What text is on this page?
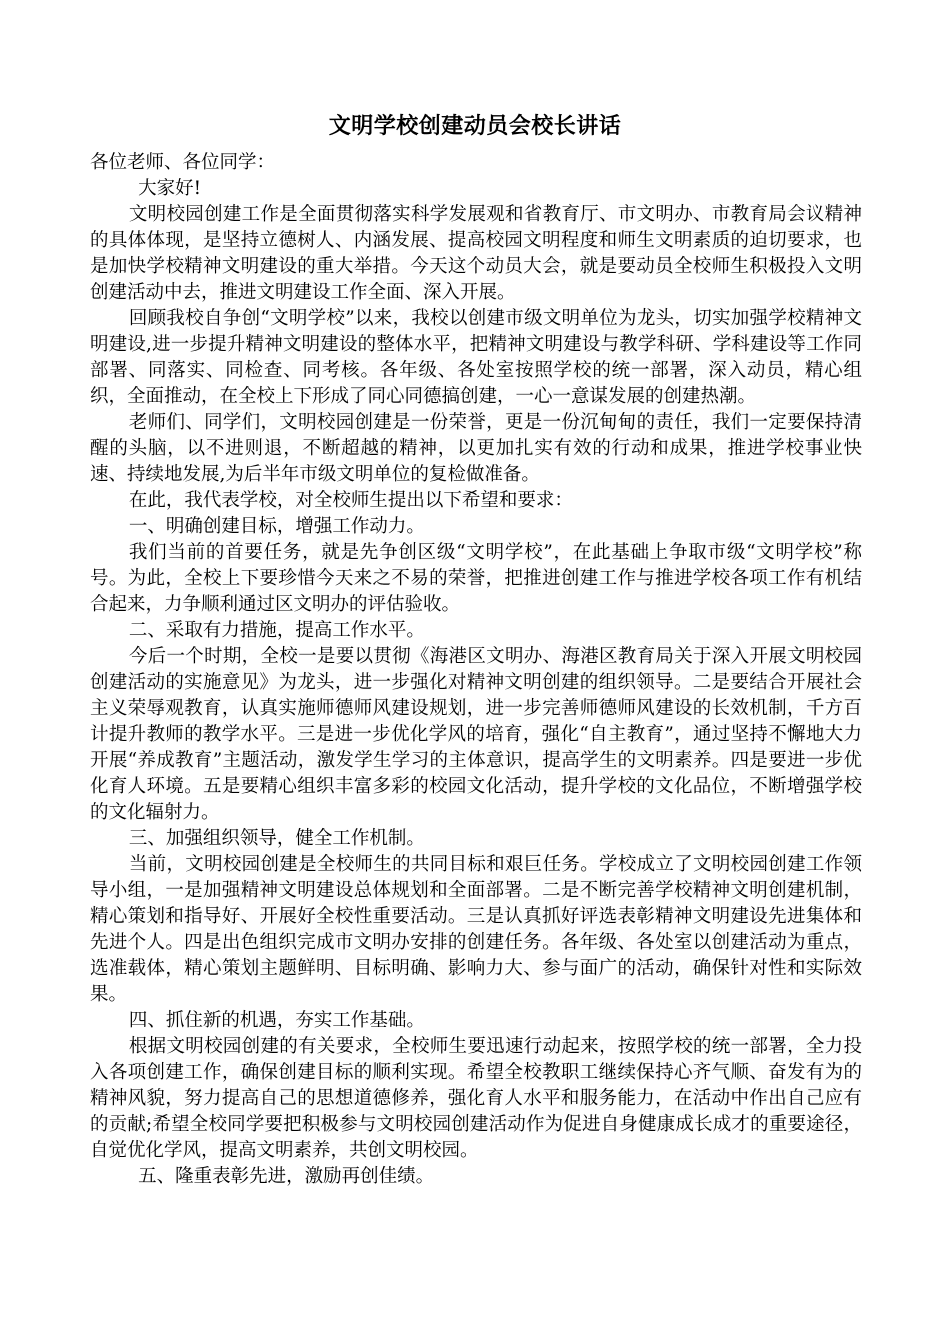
文明学校创建动员会校长讲话

各位老师、各位同学：

大家好!

文明校园创建工作是全面贯彻落实科学发展观和省教育厅、市文明办、市教育局会议精神的具体体现，是坚持立德树人、内涵发展、提高校园文明程度和师生文明素质的迫切要求，也是加快学校精神文明建设的重大举措。今天这个动员大会，就是要动员全校师生积极投入文明创建活动中去，推进文明建设工作全面、深入开展。

回顾我校自争创“文明学校”以来，我校以创建市级文明单位为龙头，切实加强学校精神文明建设,进一步提升精神文明建设的整体水平，把精神文明建设与教学科研、学科建设等工作同部署、同落实、同检查、同考核。各年级、各处室按照学校的统一部署，深入动员，精心组织，全面推动，在全校上下形成了同心同德搞创建，一心一意谋发展的创建热潮。

老师们、同学们，文明校园创建是一份荣誉，更是一份沉甸甸的责任，我们一定要保持清醒的头脑，以不进则退，不断超越的精神，以更加扎实有效的行动和成果，推进学校事业快速、持续地发展,为后半年市级文明单位的复检做准备。

在此，我代表学校，对全校师生提出以下希望和要求：

一、明确创建目标，增强工作动力。

我们当前的首要任务，就是先争创区级“文明学校”，在此基础上争取市级“文明学校”称号。为此，全校上下要珍惜今天来之不易的荣誉，把推进创建工作与推进学校各项工作有机结合起来，力争顺利通过区文明办的评估验收。

二、采取有力措施，提高工作水平。

今后一个时期，全校一是要以贯彻《海港区文明办、海港区教育局关于深入开展文明校园创建活动的实施意见》为龙头，进一步强化对精神文明创建的组织领导。二是要结合开展社会主义荣辱观教育，认真实施师德师风建设规划，进一步完善师德师风建设的长效机制，千方百计提升教师的教学水平。三是进一步优化学风的培育，强化“自主教育”，通过坚持不懈地大力开展“养成教育”主题活动，激发学生学习的主体意识，提高学生的文明素养。四是要进一步优化育人环境。五是要精心组织丰富多彩的校园文化活动，提升学校的文化品位，不断增强学校的文化辐射力。

三、加强组织领导，健全工作机制。

当前，文明校园创建是全校师生的共同目标和艰巨任务。学校成立了文明校园创建工作领导小组，一是加强精神文明建设总体规划和全面部署。二是不断完善学校精神文明创建机制，精心策划和指导好、开展好全校性重要活动。三是认真抓好评选表彰精神文明建设先进集体和先进个人。四是出色组织完成市文明办安排的创建任务。各年级、各处室以创建活动为重点，选准载体，精心策划主题鲜明、目标明确、影响力大、参与面广的活动，确保针对性和实际效果。

四、抓住新的机遇，夯实工作基础。

根据文明校园创建的有关要求，全校师生要迅速行动起来，按照学校的统一部署，全力投入各项创建工作，确保创建目标的顺利实现。希望全校教职工继续保持心齐气顺、奋发有为的精神风貌，努力提高自己的思想道德修养，强化育人水平和服务能力，在活动中作出自己应有的贡献;希望全校同学要把积极参与文明校园创建活动作为促进自身健康成长成才的重要途径，自觉优化学风，提高文明素养，共创文明校园。

五、隆重表彰先进，激励再创佳绩。
